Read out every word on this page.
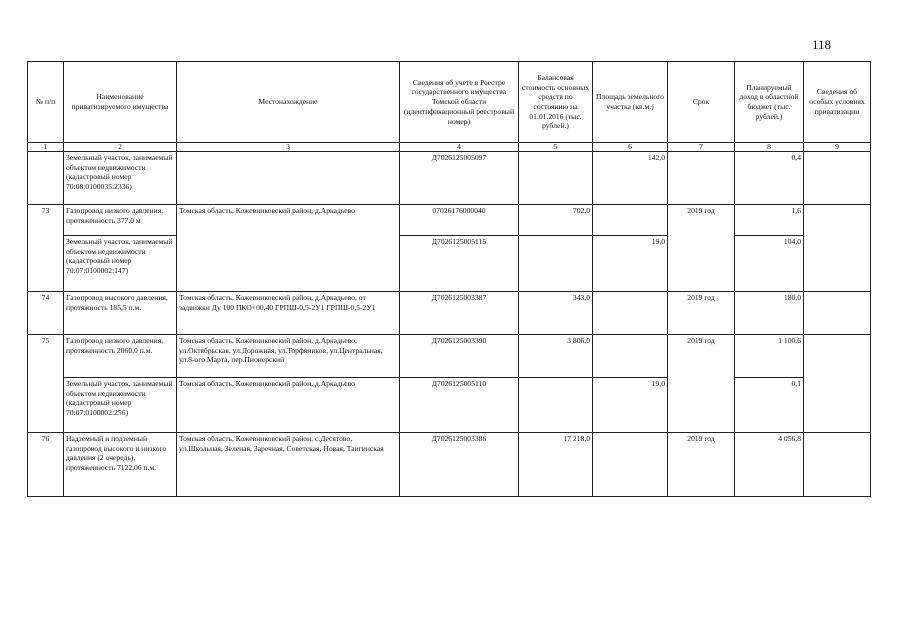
118
№ п/п	Наименование приватизируемого имущества	Местонахождение	Сведения об учете в Реестре государственного имущества Томской области (идентификационный реестровый номер)	Балансовая стоимость основных средств по состоянию на 01.01.2016 (тыс. рублей.)	Площадь земельного участка (кв.м.)	Срок	Планируемый доход в областной бюджет (тыс. рублей.)	Сведения об особых условиях приватизации
1	2	3	4	5	6	7	8	9
	Земельный участок, занимаемый объектом недвижимости (кадастровый номер 70:08:0100035:2336)		Д7026125005097		142,0		0,4	
73	Газопровод низкого давления, протяженность 377,0 м	Томская область, Кожевниковский район, д.Аркадьево	07026176000040	702,0		2019 год	1,6	
	Земельный участок, занимаемый объектом недвижимости (кадастровый номер 70:07:0100002:147)		Д7026125005115		19,0		104,0	
74	Газопровод высокого давления, протяжность 185,5 п.м.	Томская область, Кожевниковский район, д.Аркадьево, от задвижки Ду 100 ПКО+00,40 ГРПШ-0,5-2У1 ГРПШ-0,5-2У1	Д7026125003387	343,0		2019 год	180,0	
75	Газопровод низкого давления, протяженность 2060,0 п.м.	Томская область, Кожевниковский район, д.Аркадьево, ул.Октябрьская, ул.Дорожная, ул.Торфяников, ул.Центральная, ул.8-ого Марта, пер.Пионерский	Д7026125003390	3 806,0		2019 год	1 100,6	
	Земельный участок, занимаемый объектом недвижимости (кадастровый номер 70:07:0100002:256)	Томская область, Кожевниковский район, д.Аркадьево	Д7026125005110		19,0		0,1	
76	Надземный и подземный газопровод высокого и низкого давления (2 очередь), протяженность 7122,06 п.м.	Томская область, Кожевниковский район, с.Десятово, ул.Школьная, Зеленая, Заречная, Советская, Новая, Таигинская	Д7026125003386	17 218,0		2019 год	4 056,8	
